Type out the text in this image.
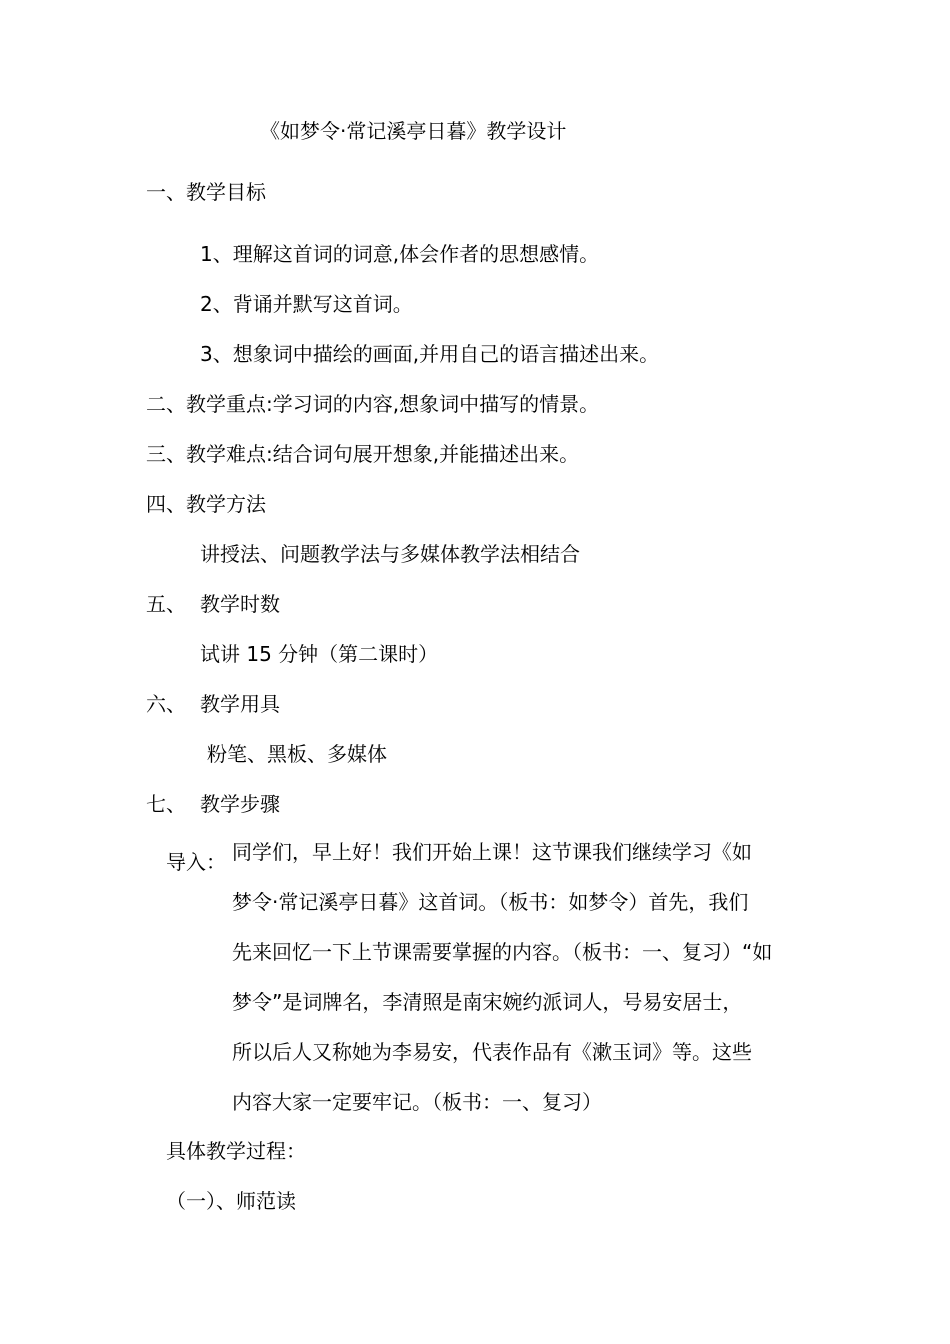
《如梦令·常记溪亭日暮》教学设计
一、教学目标
1、理解这首词的词意,体会作者的思想感情。
2、背诵并默写这首词。
3、想象词中描绘的画面,并用自己的语言描述出来。
二、教学重点:学习词的内容,想象词中描写的情景。
三、教学难点:结合词句展开想象,并能描述出来。
四、教学方法
讲授法、问题教学法与多媒体教学法相结合
五、 教学时数
试讲 15 分钟（第二课时）
六、 教学用具
粉笔、黑板、多媒体
七、 教学步骤
导入： 同学们，早上好！我们开始上课！这节课我们继续学习《如
梦令·常记溪亭日暮》这首词。（板书：如梦令）首先，我们
先来回忆一下上节课需要掌握的内容。（板书：一、复习）“如
梦令”是词牌名，李清照是南宋婉约派词人，号易安居士，
所以后人又称她为李易安，代表作品有《漱玉词》等。这些
内容大家一定要牢记。（板书：一、复习）
具体教学过程：
（一）、师范读
